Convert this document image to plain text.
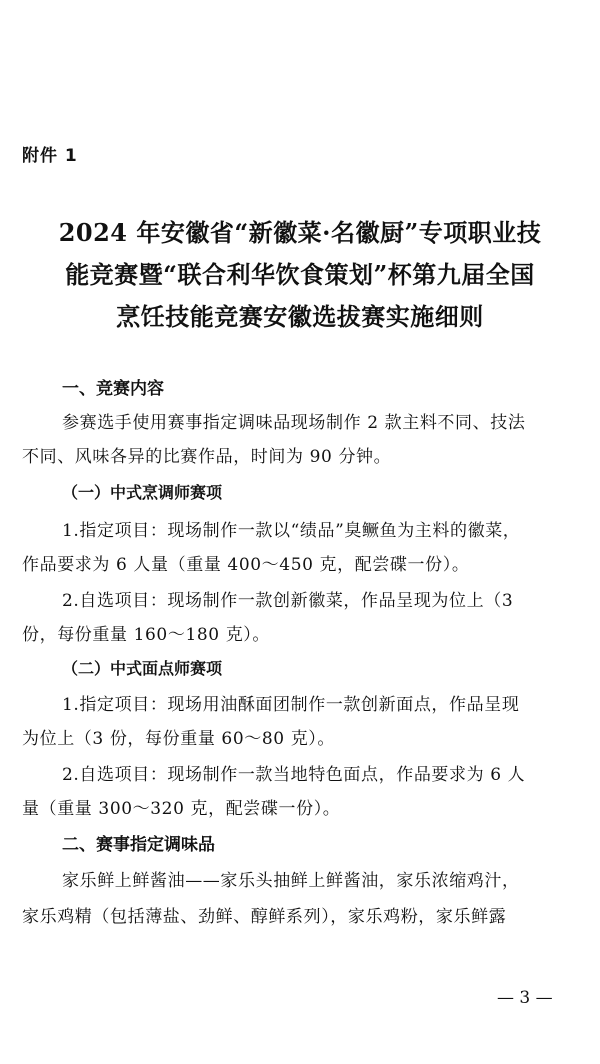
附件 1
2024 年安徽省“新徽菜·名徽厨”专项职业技
能竞赛暨“联合利华饮食策划”杯第九届全国
烹饪技能竞赛安徽选拔赛实施细则
一、竞赛内容
参赛选手使用赛事指定调味品现场制作 2 款主料不同、技法
不同、风味各异的比赛作品，时间为 90 分钟。
（一）中式烹调师赛项
1.指定项目：现场制作一款以“绩品”臭鳜鱼为主料的徽菜，
作品要求为 6 人量（重量 400～450 克，配尝碟一份）。
2.自选项目：现场制作一款创新徽菜，作品呈现为位上（3
份，每份重量 160～180 克）。
（二）中式面点师赛项
1.指定项目：现场用油酥面团制作一款创新面点，作品呈现
为位上（3 份，每份重量 60～80 克）。
2.自选项目：现场制作一款当地特色面点，作品要求为 6 人
量（重量 300～320 克，配尝碟一份）。
二、赛事指定调味品
家乐鲜上鲜酱油——家乐头抽鲜上鲜酱油，家乐浓缩鸡汁，
家乐鸡精（包括薄盐、劲鲜、醇鲜系列），家乐鸡粉，家乐鲜露
— 3 —
